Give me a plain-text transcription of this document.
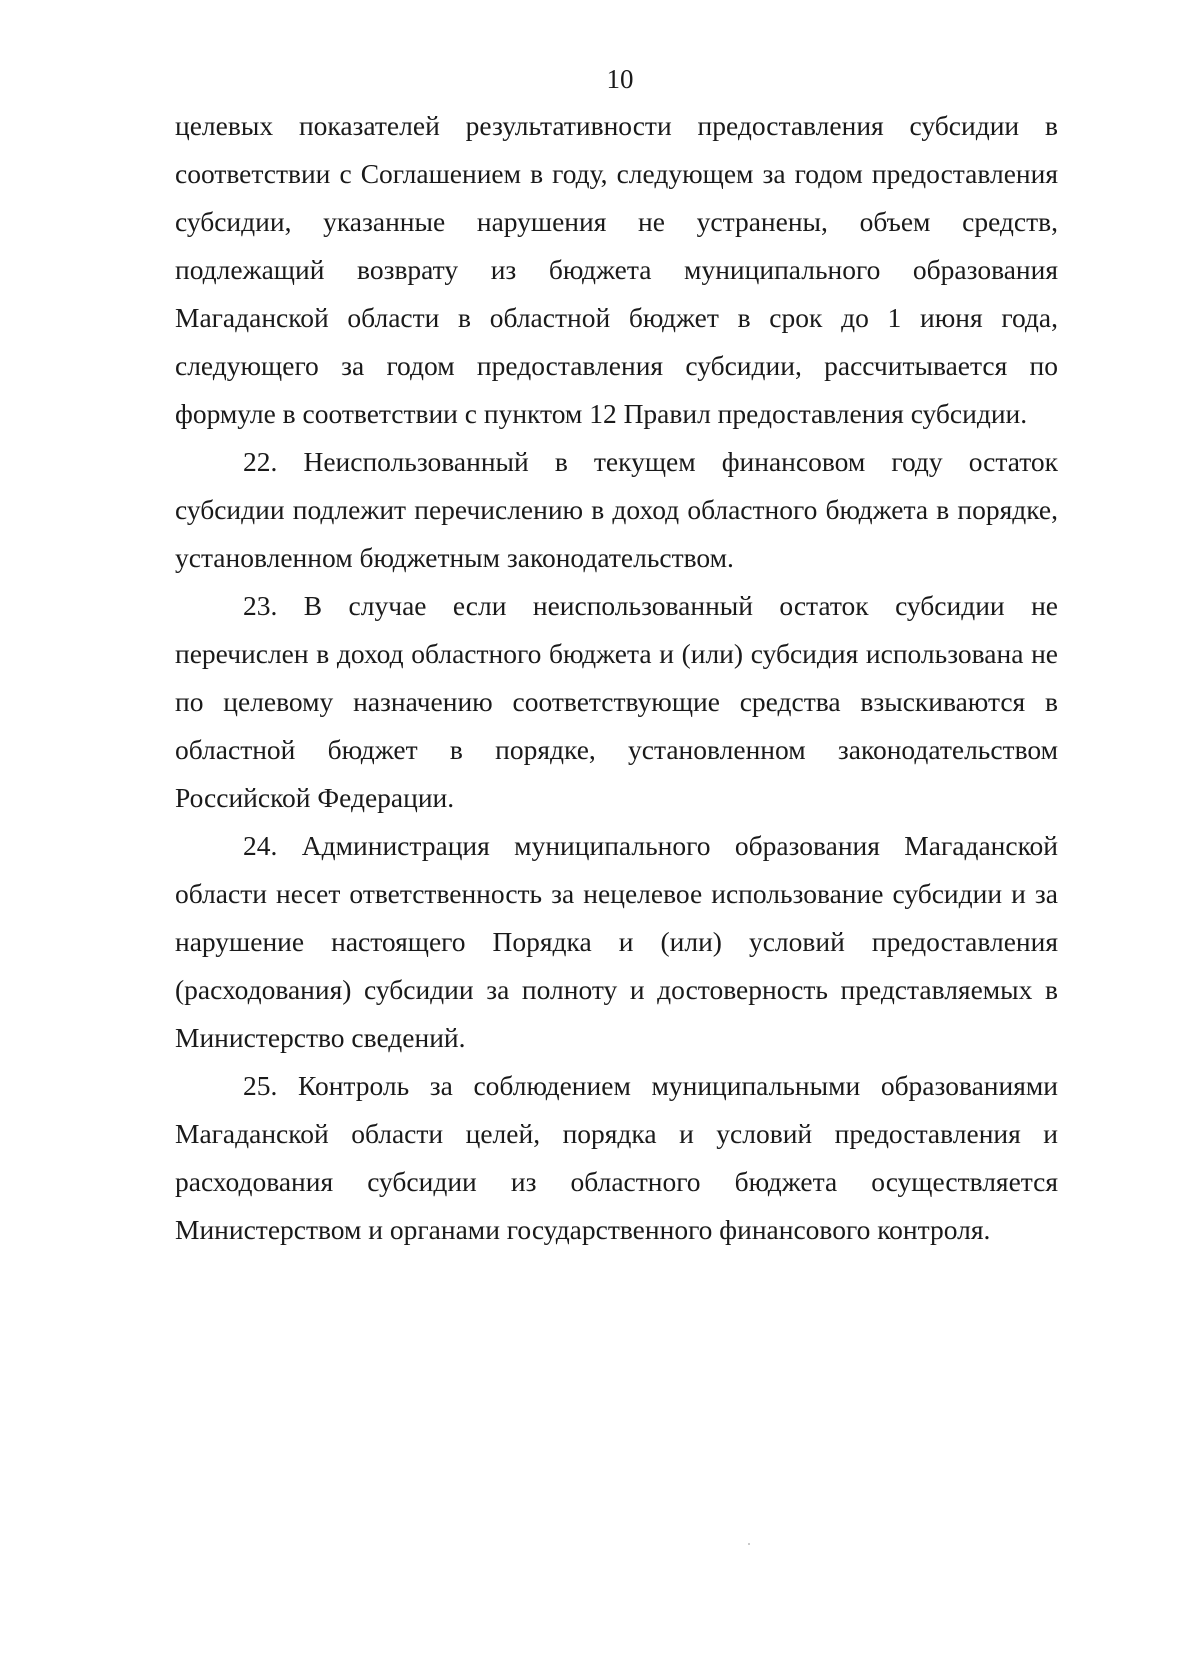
10

целевых показателей результативности предоставления субсидии в соответствии с Соглашением в году, следующем за годом предоставления субсидии, указанные нарушения не устранены, объем средств, подлежащий возврату из бюджета муниципального образования Магаданской области в областной бюджет в срок до 1 июня года, следующего за годом предоставления субсидии, рассчитывается по формуле в соответствии с пунктом 12 Правил предоставления субсидии.

22. Неиспользованный в текущем финансовом году остаток субсидии подлежит перечислению в доход областного бюджета в порядке, установленном бюджетным законодательством.

23. В случае если неиспользованный остаток субсидии не перечислен в доход областного бюджета и (или) субсидия использована не по целевому назначению соответствующие средства взыскиваются в областной бюджет в порядке, установленном законодательством Российской Федерации.

24. Администрация муниципального образования Магаданской области несет ответственность за нецелевое использование субсидии и за нарушение настоящего Порядка и (или) условий предоставления (расходования) субсидии за полноту и достоверность представляемых в Министерство сведений.

25. Контроль за соблюдением муниципальными образованиями Магаданской области целей, порядка и условий предоставления и расходования субсидии из областного бюджета осуществляется Министерством и органами государственного финансового контроля.
